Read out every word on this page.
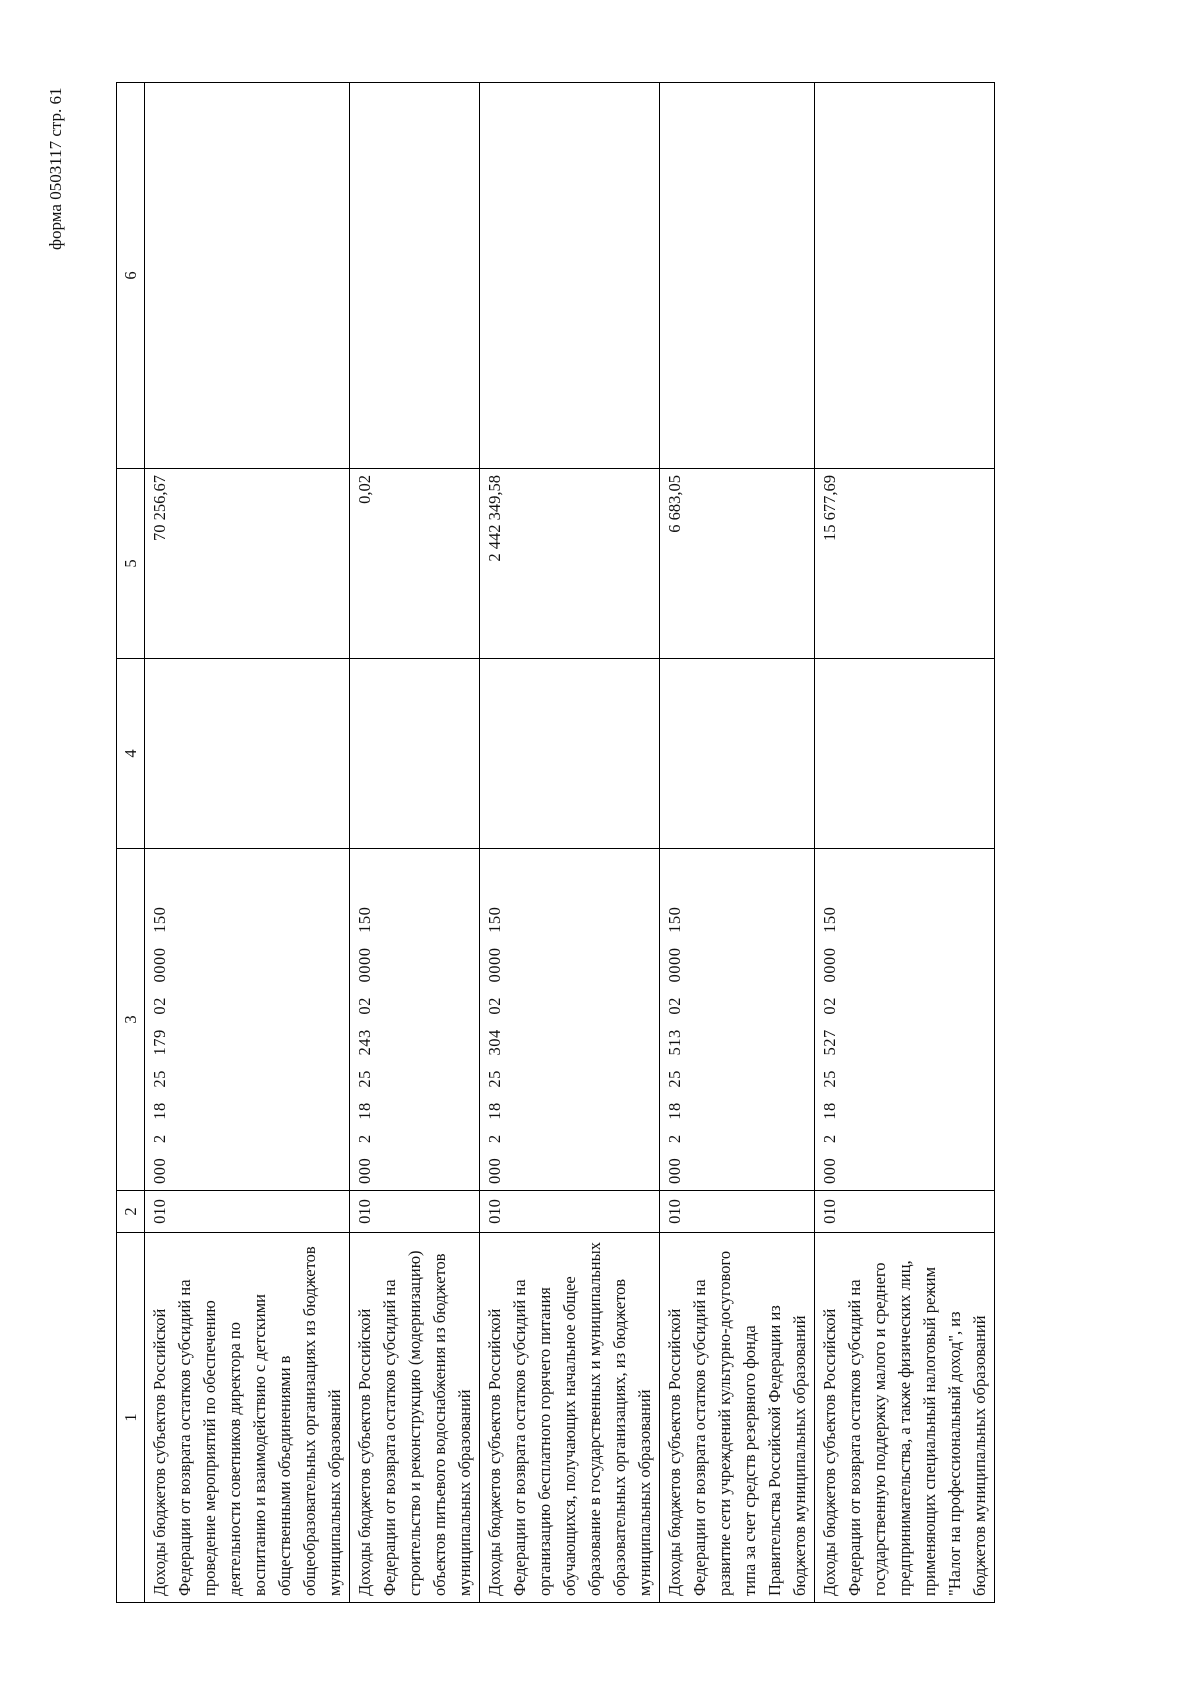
форма 0503117 стр. 61
1	2	3	4	5	6
Доходы бюджетов субъектов Российской Федерации от возврата остатков субсидий на проведение мероприятий по обеспечению деятельности советников директора по воспитанию и взаимодействию с детскими общественными объединениями в общеобразовательных организациях из бюджетов муниципальных образований	010	000 2 18 25 179 02 0000 150		70 256,67	
Доходы бюджетов субъектов Российской Федерации от возврата остатков субсидий на строительство и реконструкцию (модернизацию) объектов питьевого водоснабжения из бюджетов муниципальных образований	010	000 2 18 25 243 02 0000 150		0,02	
Доходы бюджетов субъектов Российской Федерации от возврата остатков субсидий на организацию бесплатного горячего питания обучающихся, получающих начальное общее образование в государственных и муниципальных образовательных организациях, из бюджетов муниципальных образований	010	000 2 18 25 304 02 0000 150		2 442 349,58	
Доходы бюджетов субъектов Российской Федерации от возврата остатков субсидий на развитие сети учреждений культурно-досугового типа за счет средств резервного фонда Правительства Российской Федерации из бюджетов муниципальных образований	010	000 2 18 25 513 02 0000 150		6 683,05	
Доходы бюджетов субъектов Российской Федерации от возврата остатков субсидий на государственную поддержку малого и среднего предпринимательства, а также физических лиц, применяющих специальный налоговый режим "Налог на профессиональный доход", из бюджетов муниципальных образований	010	000 2 18 25 527 02 0000 150		15 677,69	
